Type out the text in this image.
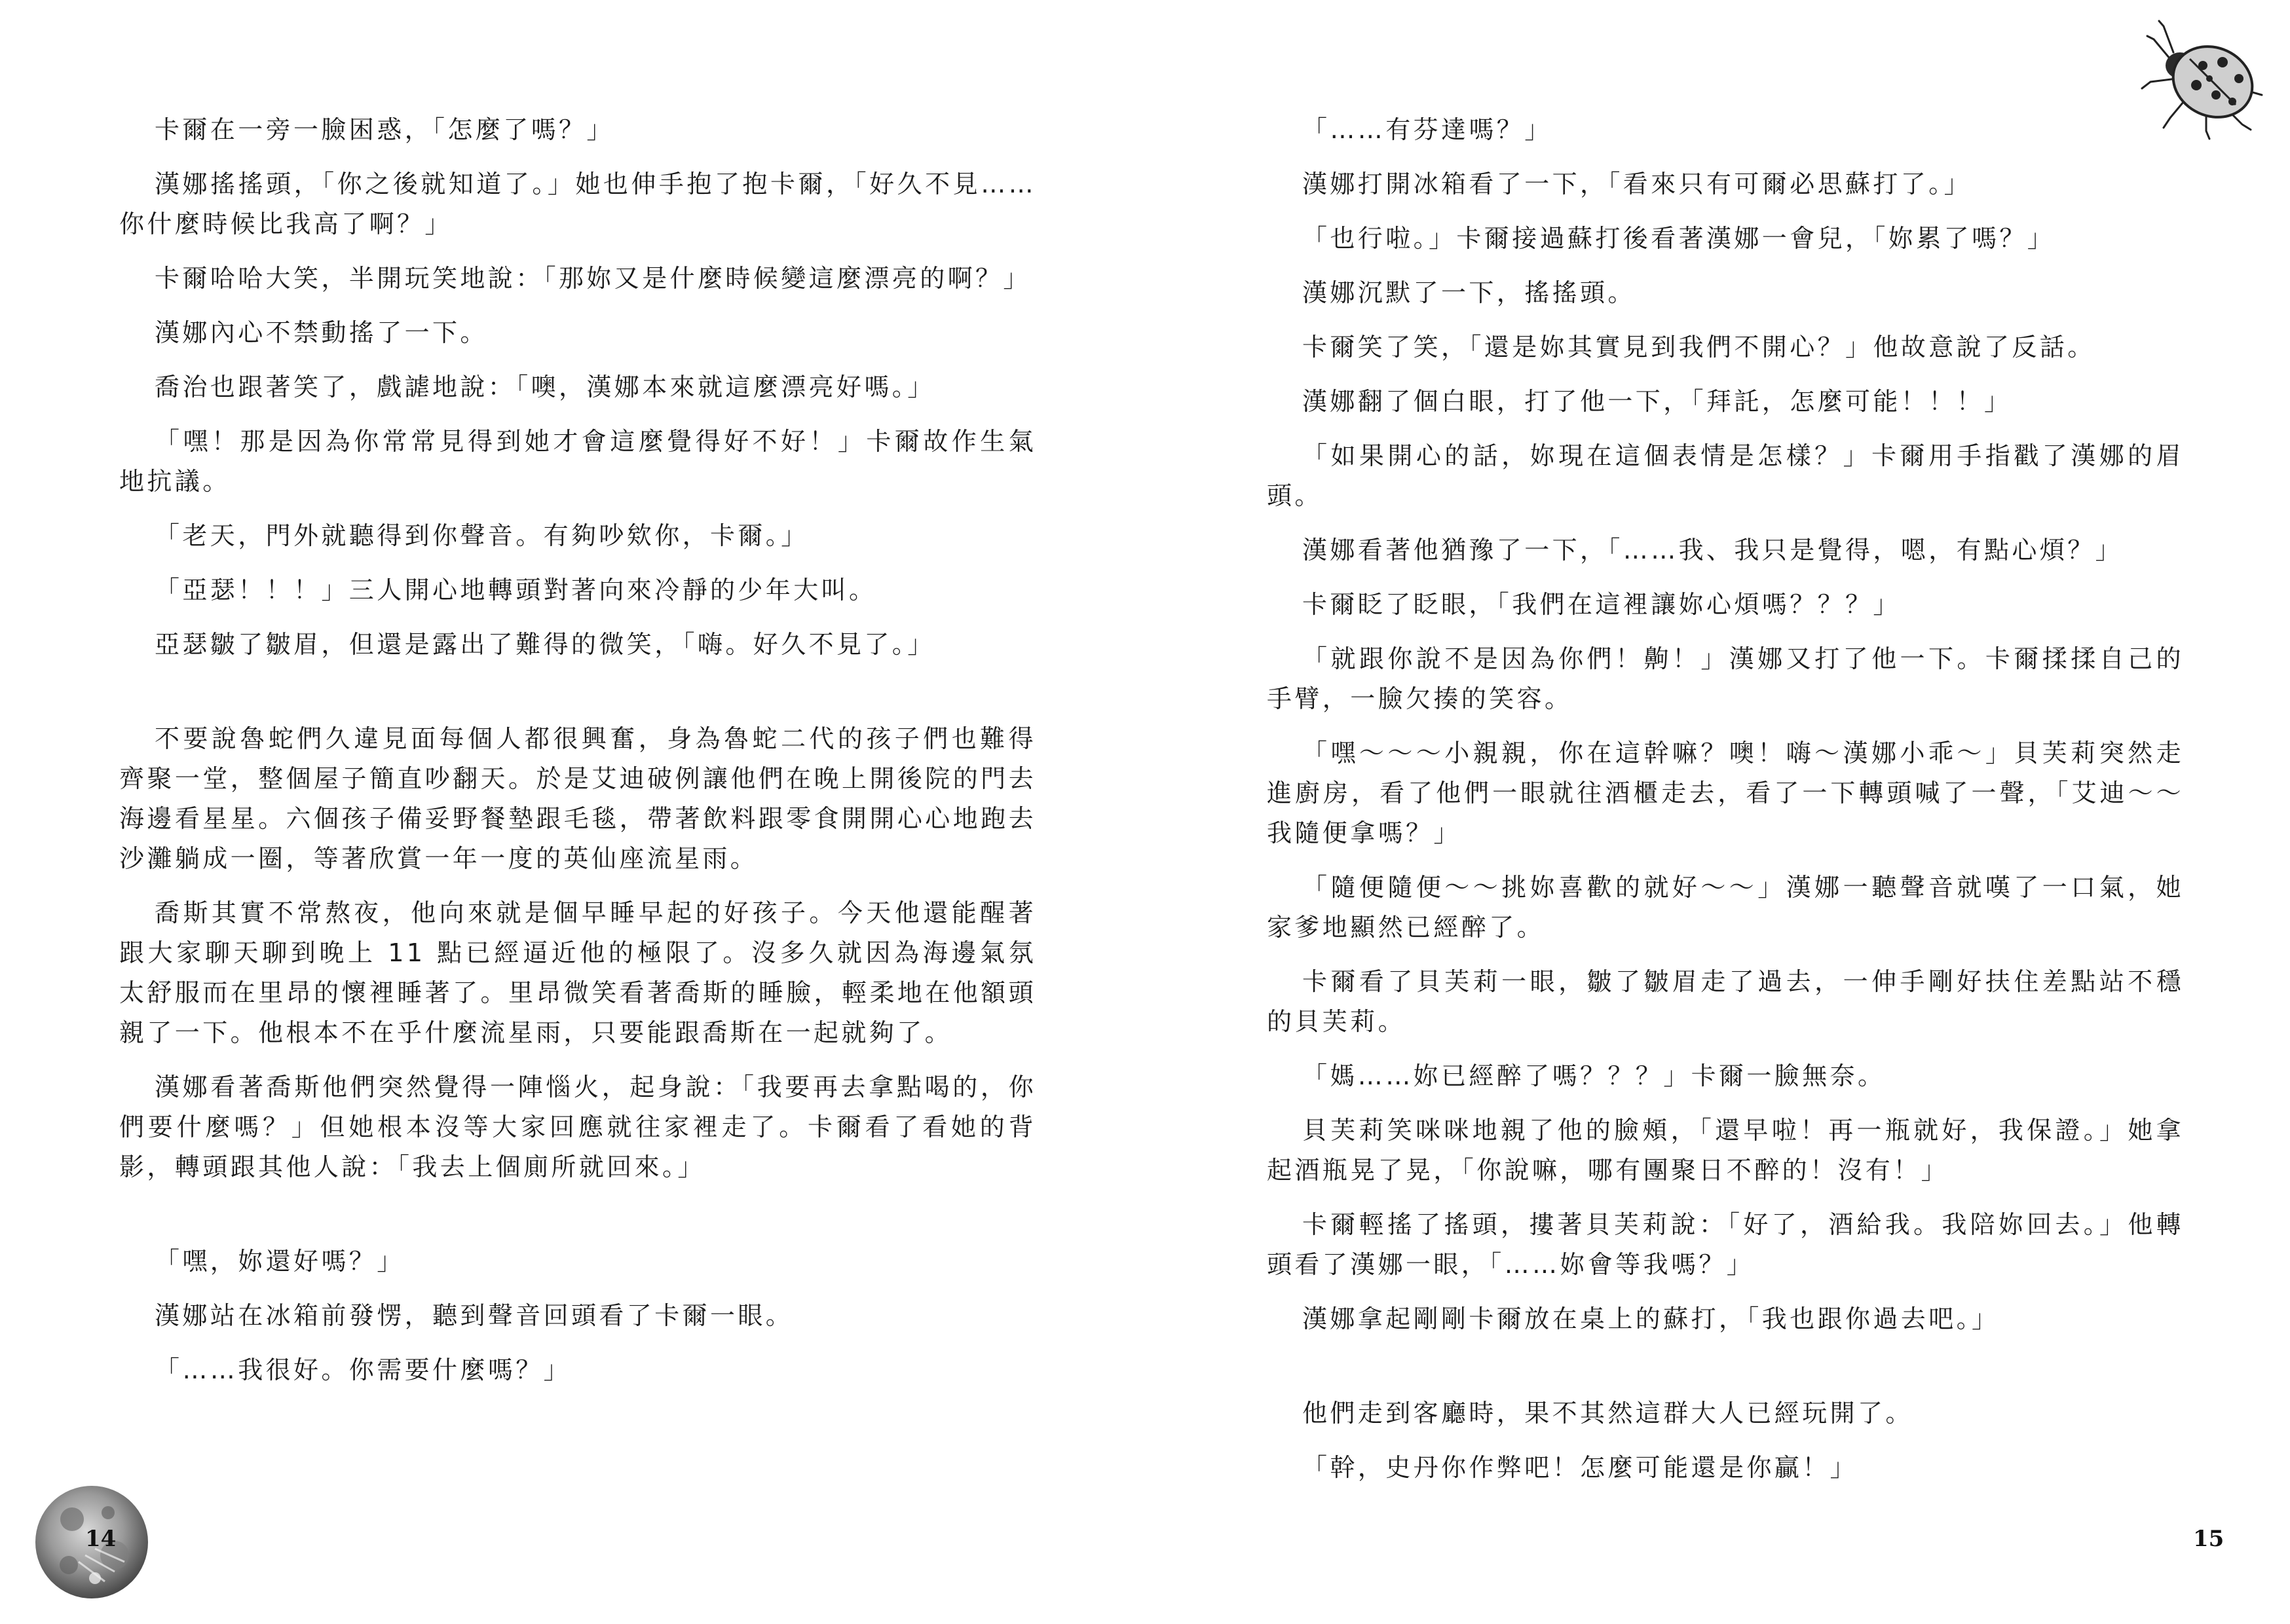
卡爾在一旁一臉困惑，「怎麼了嗎？」

漢娜搖搖頭，「你之後就知道了。」她也伸手抱了抱卡爾，「好久不見……你什麼時候比我高了啊？」

卡爾哈哈大笑，半開玩笑地說：「那妳又是什麼時候變這麼漂亮的啊？」

漢娜內心不禁動搖了一下。

喬治也跟著笑了，戲謔地說：「噢，漢娜本來就這麼漂亮好嗎。」

「嘿！那是因為你常常見得到她才會這麼覺得好不好！」卡爾故作生氣地抗議。

「老天，門外就聽得到你聲音。有夠吵欸你，卡爾。」

「亞瑟！！！」三人開心地轉頭對著向來冷靜的少年大叫。

亞瑟皺了皺眉，但還是露出了難得的微笑，「嗨。好久不見了。」

不要說魯蛇們久違見面每個人都很興奮，身為魯蛇二代的孩子們也難得齊聚一堂，整個屋子簡直吵翻天。於是艾迪破例讓他們在晚上開後院的門去海邊看星星。六個孩子備妥野餐墊跟毛毯，帶著飲料跟零食開開心心地跑去沙灘躺成一圈，等著欣賞一年一度的英仙座流星雨。

喬斯其實不常熬夜，他向來就是個早睡早起的好孩子。今天他還能醒著跟大家聊天聊到晚上 11 點已經逼近他的極限了。沒多久就因為海邊氣氛太舒服而在里昂的懷裡睡著了。里昂微笑看著喬斯的睡臉，輕柔地在他額頭親了一下。他根本不在乎什麼流星雨，只要能跟喬斯在一起就夠了。

漢娜看著喬斯他們突然覺得一陣惱火，起身說：「我要再去拿點喝的，你們要什麼嗎？」但她根本沒等大家回應就往家裡走了。卡爾看了看她的背影，轉頭跟其他人說：「我去上個廁所就回來。」

「嘿，妳還好嗎？」

漢娜站在冰箱前發愣，聽到聲音回頭看了卡爾一眼。

「……我很好。你需要什麼嗎？」

14

「……有芬達嗎？」

漢娜打開冰箱看了一下，「看來只有可爾必思蘇打了。」

「也行啦。」卡爾接過蘇打後看著漢娜一會兒，「妳累了嗎？」

漢娜沉默了一下，搖搖頭。

卡爾笑了笑，「還是妳其實見到我們不開心？」他故意說了反話。

漢娜翻了個白眼，打了他一下，「拜託，怎麼可能！！！」

「如果開心的話，妳現在這個表情是怎樣？」卡爾用手指戳了漢娜的眉頭。

漢娜看著他猶豫了一下，「……我、我只是覺得，嗯，有點心煩？」

卡爾眨了眨眼，「我們在這裡讓妳心煩嗎？？？」

「就跟你說不是因為你們！齁！」漢娜又打了他一下。卡爾揉揉自己的手臂，一臉欠揍的笑容。

「嘿～～～小親親，你在這幹嘛？噢！嗨～漢娜小乖～」貝芙莉突然走進廚房，看了他們一眼就往酒櫃走去，看了一下轉頭喊了一聲，「艾迪～～我隨便拿嗎？」

「隨便隨便～～挑妳喜歡的就好～～」漢娜一聽聲音就嘆了一口氣，她家爹地顯然已經醉了。

卡爾看了貝芙莉一眼，皺了皺眉走了過去，一伸手剛好扶住差點站不穩的貝芙莉。

「媽……妳已經醉了嗎？？？」卡爾一臉無奈。

貝芙莉笑咪咪地親了他的臉頰，「還早啦！再一瓶就好，我保證。」她拿起酒瓶晃了晃，「你說嘛，哪有團聚日不醉的！沒有！」

卡爾輕搖了搖頭，摟著貝芙莉說：「好了，酒給我。我陪妳回去。」他轉頭看了漢娜一眼，「……妳會等我嗎？」

漢娜拿起剛剛卡爾放在桌上的蘇打，「我也跟你過去吧。」

他們走到客廳時，果不其然這群大人已經玩開了。

「幹，史丹你作弊吧！怎麼可能還是你贏！」

15
